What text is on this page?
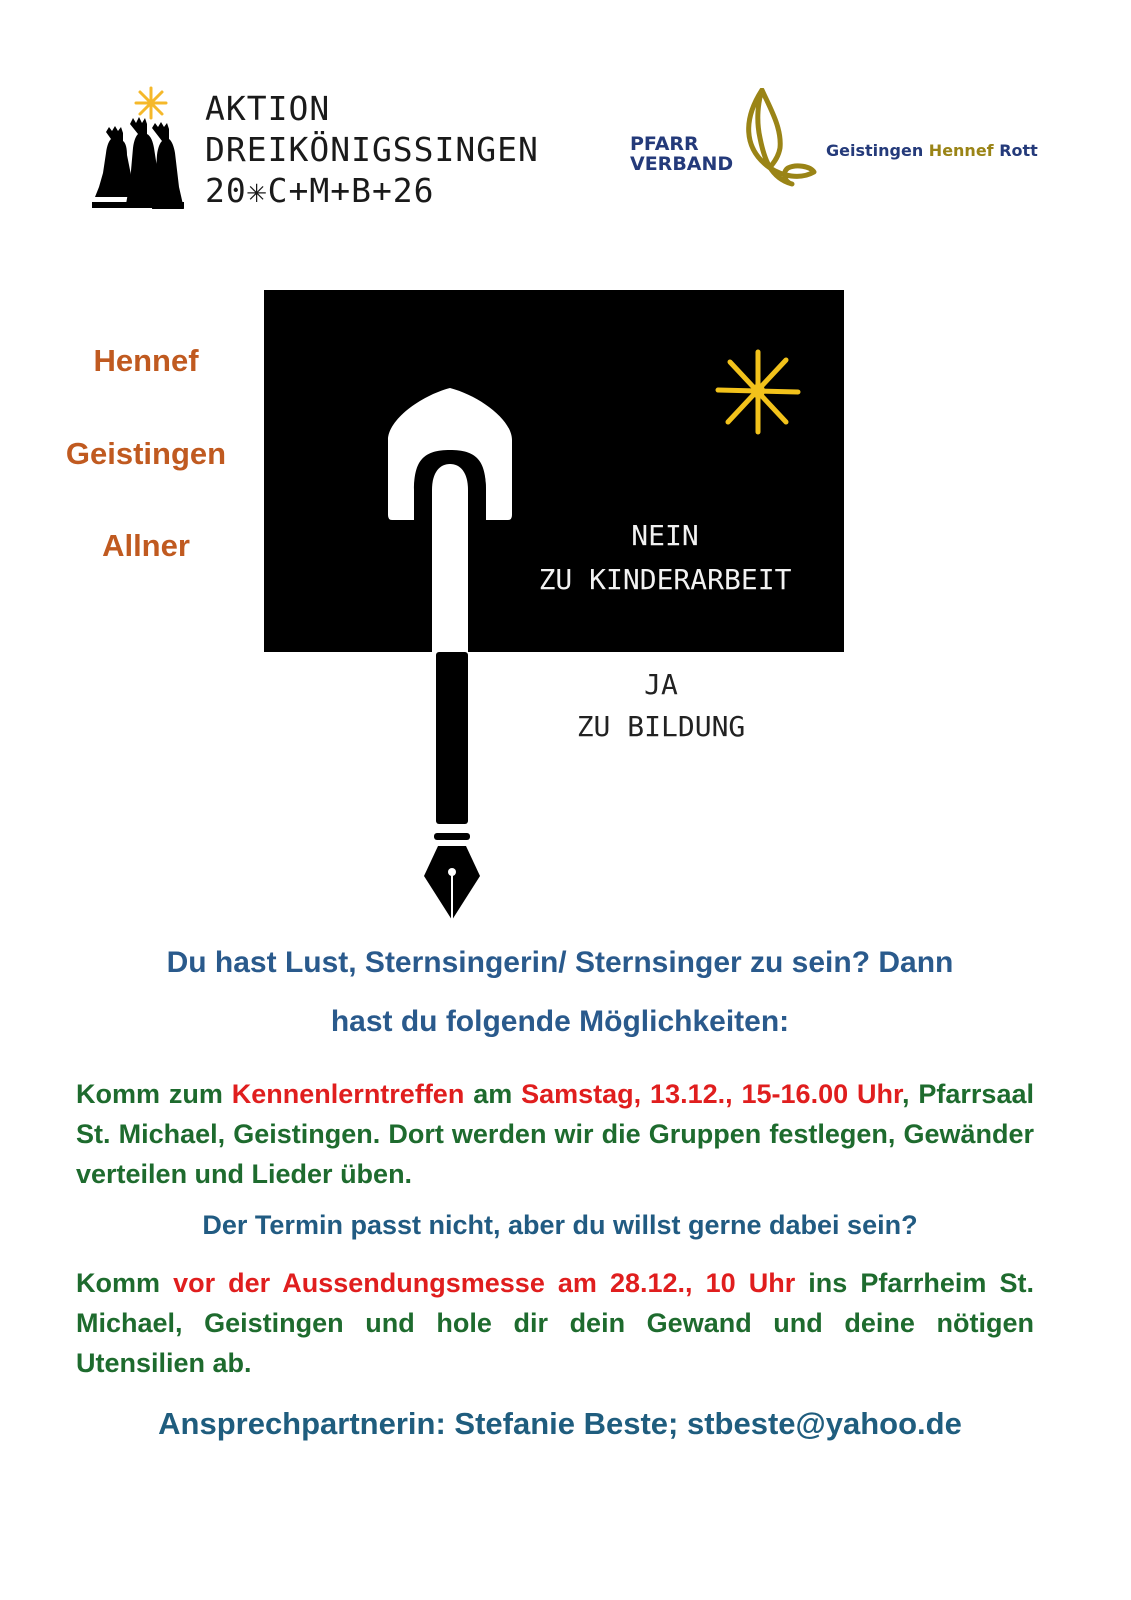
AKTION
DREIKÖNIGSSINGEN
20✳C+M+B+26
PFARR
VERBAND
Geistingen Hennef Rott
Hennef
Geistingen
Allner	NEIN
ZU KINDERARBEIT
JA
ZU BILDUNG
Du hast Lust, Sternsingerin/ Sternsinger zu sein? Dann
hast du folgende Möglichkeiten:
Komm zum Kennenlerntreffen am Samstag, 13.12., 15-16.00 Uhr, Pfarrsaal St. Michael, Geistingen. Dort werden wir die Gruppen festlegen, Gewänder verteilen und Lieder üben.
Der Termin passt nicht, aber du willst gerne dabei sein?
Komm vor der Aussendungsmesse am 28.12., 10 Uhr ins Pfarrheim St. Michael, Geistingen und hole dir dein Gewand und deine nötigen Utensilien ab.
Ansprechpartnerin: Stefanie Beste; stbeste@yahoo.de
